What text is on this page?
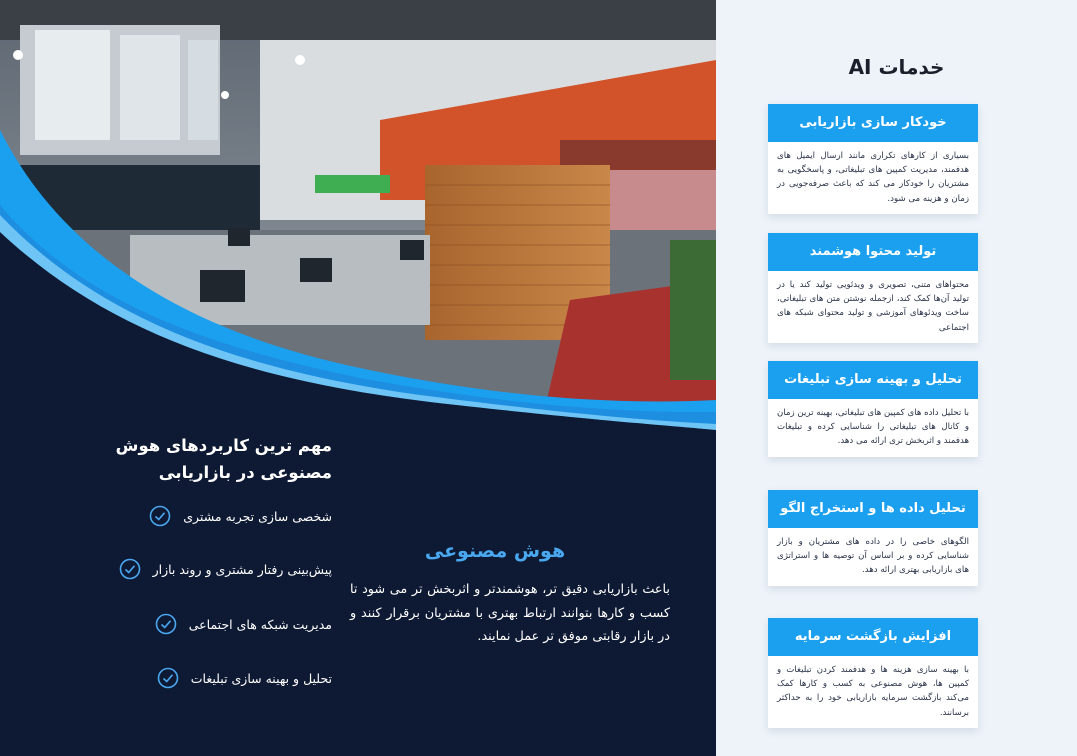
مهم ترین کاربردهای هوش مصنوعی در بازاریابی
شخصی سازی تجربه مشتری
پیش‌بینی رفتار مشتری و روند بازار
مدیریت شبکه های اجتماعی
تحلیل و بهینه سازی تبلیغات
هوش مصنوعی
باعث بازاریابی دقیق تر، هوشمندتر و اثربخش تر می شود تا کسب و کارها بتوانند ارتباط بهتری با مشتریان برقرار کنند و در بازار رقابتی موفق تر عمل نمایند.
خدمات AI
خودکار سازی بازاریابی
بسیاری از کارهای تکراری مانند ارسال ایمیل های هدفمند، مدیریت کمپین های تبلیغاتی، و پاسخگویی به مشتریان را خودکار می کند که باعث صرفه‌جویی در زمان و هزینه می شود.
تولید محتوا هوشمند
محتواهای متنی، تصویری و ویدئویی تولید کند یا در تولید آن‌ها کمک کند، ازجمله نوشتن متن های تبلیغاتی، ساخت ویدئوهای آموزشی و تولید محتوای شبکه های اجتماعی
تحلیل و بهینه سازی تبلیغات
با تحلیل داده های کمپین های تبلیغاتی، بهینه ترین زمان و کانال های تبلیغاتی را شناسایی کرده و تبلیغات هدفمند و اثربخش تری ارائه می دهد.
تحلیل داده ها و استخراج الگو
الگوهای خاصی را در داده های مشتریان و بازار شناسایی کرده و بر اساس آن توصیه ها و استراتژی های بازاریابی بهتری ارائه دهد.
افزایش بازگشت سرمایه
با بهینه سازی هزینه ها و هدفمند کردن تبلیغات و کمپین ها، هوش مصنوعی به کسب و کارها کمک می‌کند بازگشت سرمایه بازاریابی خود را به حداکثر برسانند.
